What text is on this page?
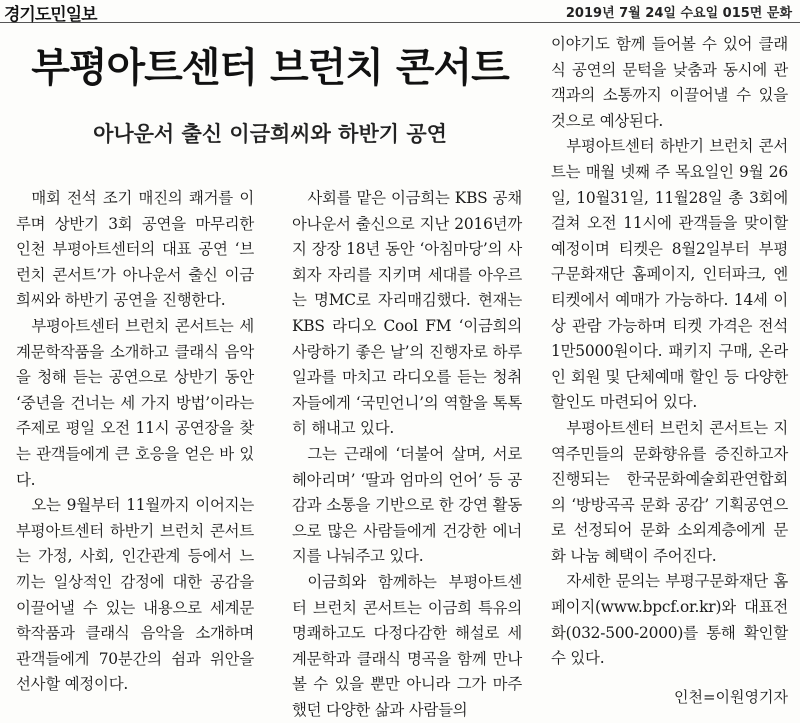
경기도민일보	2019년 7월 24일 수요일 015면 문화
부평아트센터 브런치 콘서트
아나운서 출신 이금희씨와 하반기 공연

매회 전석 조기 매진의 쾌거를 이루며 상반기 3회 공연을 마무리한 인천 부평아트센터의 대표 공연 ‘브런치 콘서트’가 아나운서 출신 이금희씨와 하반기 공연을 진행한다.

부평아트센터 브런치 콘서트는 세계문학작품을 소개하고 클래식 음악을 청해 듣는 공연으로 상반기 동안 ‘중년을 건너는 세 가지 방법’이라는 주제로 평일 오전 11시 공연장을 찾는 관객들에게 큰 호응을 얻은 바 있다.

오는 9월부터 11월까지 이어지는 부평아트센터 하반기 브런치 콘서트는 가정, 사회, 인간관계 등에서 느끼는 일상적인 감정에 대한 공감을 이끌어낼 수 있는 내용으로 세계문학작품과 클래식 음악을 소개하며 관객들에게 70분간의 쉼과 위안을 선사할 예정이다.

사회를 맡은 이금희는 KBS 공채 아나운서 출신으로 지난 2016년까지 장장 18년 동안 ‘아침마당’의 사회자 자리를 지키며 세대를 아우르는 명MC로 자리매김했다. 현재는 KBS 라디오 Cool FM ‘이금희의 사랑하기 좋은 날’의 진행자로 하루일과를 마치고 라디오를 듣는 청취자들에게 ‘국민언니’의 역할을 톡톡히 해내고 있다.

그는 근래에 ‘더불어 살며, 서로 헤아리며’ ‘딸과 엄마의 언어’ 등 공감과 소통을 기반으로 한 강연 활동으로 많은 사람들에게 건강한 에너지를 나눠주고 있다.

이금희와 함께하는 부평아트센터 브런치 콘서트는 이금희 특유의 명쾌하고도 다정다감한 해설로 세계문학과 클래식 명곡을 함께 만나볼 수 있을 뿐만 아니라 그가 마주했던 다양한 삶과 사람들의

이야기도 함께 들어볼 수 있어 클래식 공연의 문턱을 낮춤과 동시에 관객과의 소통까지 이끌어낼 수 있을 것으로 예상된다.

부평아트센터 하반기 브런치 콘서트는 매월 넷째 주 목요일인 9월 26일, 10월31일, 11월28일 총 3회에 걸쳐 오전 11시에 관객들을 맞이할 예정이며 티켓은 8월2일부터 부평구문화재단 홈페이지, 인터파크, 엔티켓에서 예매가 가능하다. 14세 이상 관람 가능하며 티켓 가격은 전석 1만5000원이다. 패키지 구매, 온라인 회원 및 단체예매 할인 등 다양한 할인도 마련되어 있다.

부평아트센터 브런치 콘서트는 지역주민들의 문화향유를 증진하고자 진행되는 한국문화예술회관연합회의 ‘방방곡곡 문화 공감’ 기획공연으로 선정되어 문화 소외계층에게 문화 나눔 혜택이 주어진다.

자세한 문의는 부평구문화재단 홈페이지(www.bpcf.or.kr)와 대표전화(032-500-2000)를 통해 확인할 수 있다.

인천=이원영기자
